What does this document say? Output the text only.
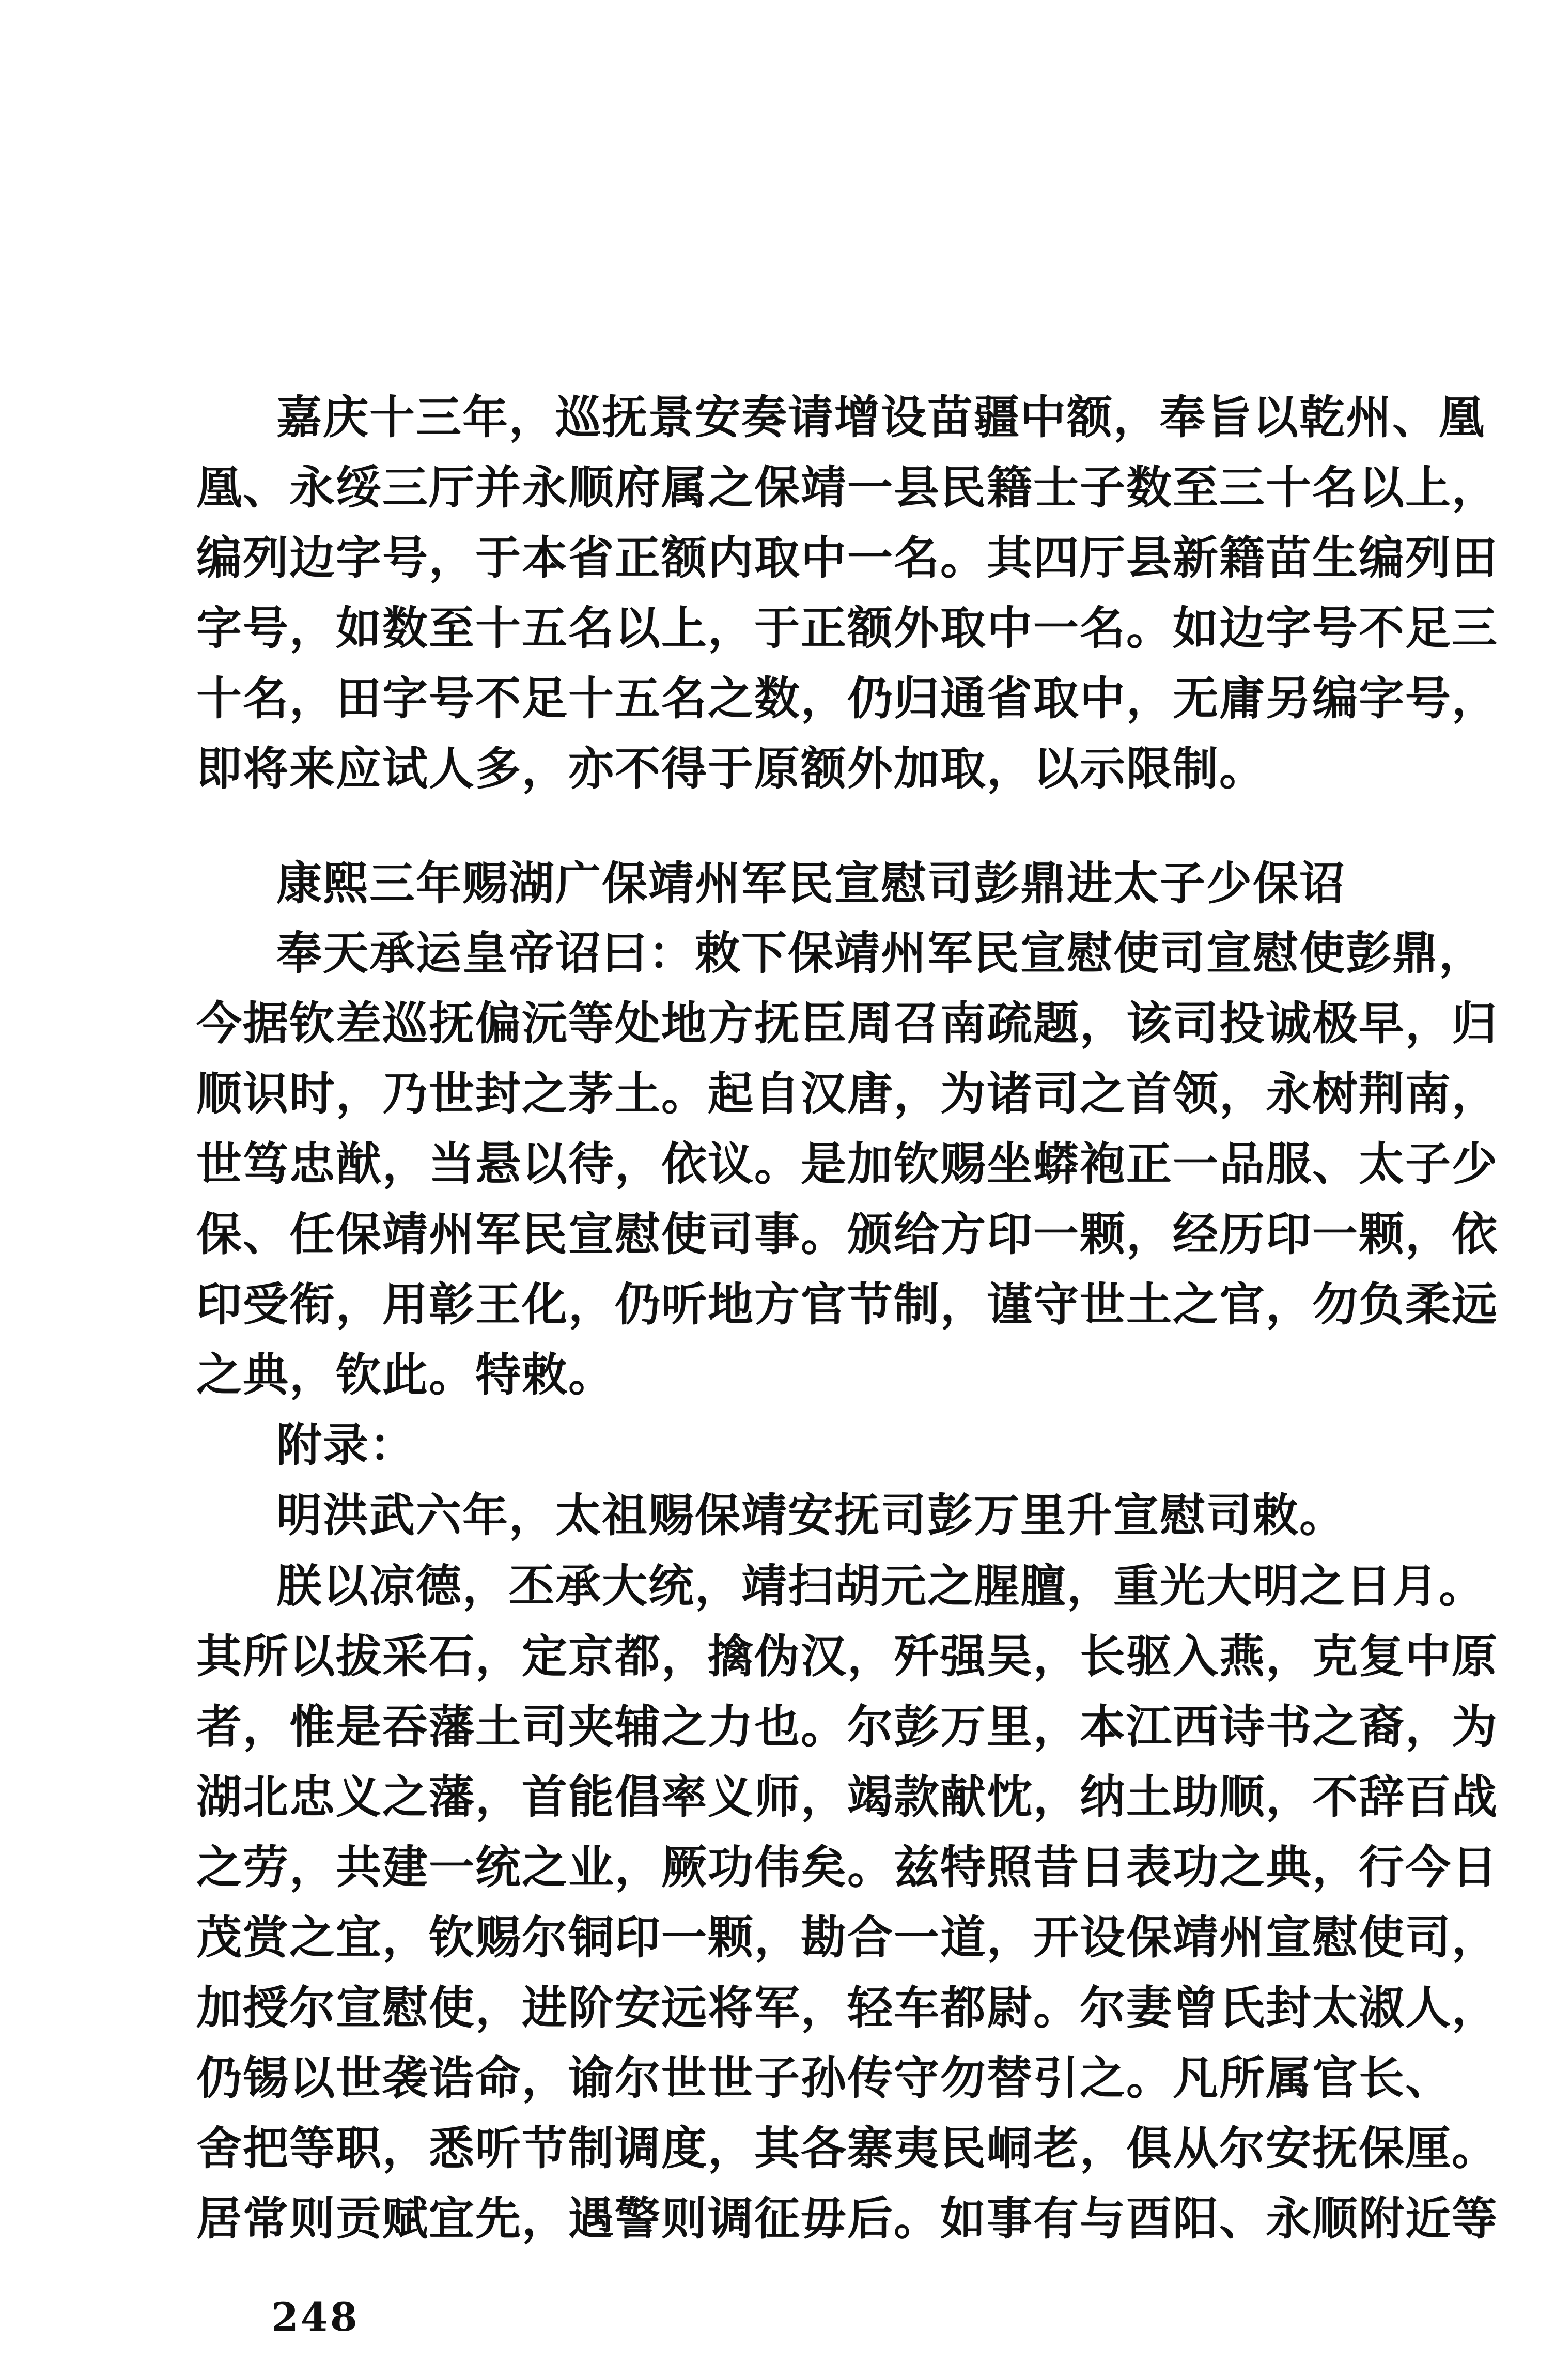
嘉庆十三年，巡抚景安奏请增设苗疆中额，奉旨以乾州、凰
凰、永绥三厅并永顺府属之保靖一县民籍士子数至三十名以上，
编列边字号，于本省正额内取中一名。其四厅县新籍苗生编列田
字号，如数至十五名以上，于正额外取中一名。如边字号不足三
十名，田字号不足十五名之数，仍归通省取中，无庸另编字号，
即将来应试人多，亦不得于原额外加取，以示限制。
康熙三年赐湖广保靖州军民宣慰司彭鼎进太子少保诏
奉天承运皇帝诏曰：敕下保靖州军民宣慰使司宣慰使彭鼎，
今据钦差巡抚偏沅等处地方抚臣周召南疏题，该司投诚极早，归
顺识时，乃世封之茅土。起自汉唐，为诸司之首领，永树荆南，
世笃忠猷，当悬以待，依议。是加钦赐坐蟒袍正一品服、太子少
保、任保靖州军民宣慰使司事。颁给方印一颗，经历印一颗，依
印受衔，用彰王化，仍听地方官节制，谨守世土之官，勿负柔远
之典，钦此。特敕。
附录：
明洪武六年，太祖赐保靖安抚司彭万里升宣慰司敕。
朕以凉德，丕承大统，靖扫胡元之腥膻，重光大明之日月。
其所以拔采石，定京都，擒伪汉，歼强吴，长驱入燕，克复中原
者，惟是吞藩土司夹辅之力也。尔彭万里，本江西诗书之裔，为
湖北忠义之藩，首能倡率义师，竭款献忱，纳土助顺，不辞百战
之劳，共建一统之业，厥功伟矣。兹特照昔日表功之典，行今日
茂赏之宜，钦赐尔铜印一颗，勘合一道，开设保靖州宣慰使司，
加授尔宣慰使，进阶安远将军，轻车都尉。尔妻曾氏封太淑人，
仍锡以世袭诰命，谕尔世世子孙传守勿替引之。凡所属官长、
舍把等职，悉听节制调度，其各寨夷民峒老，俱从尔安抚保厘。
居常则贡赋宜先，遇警则调征毋后。如事有与酉阳、永顺附近等
248
